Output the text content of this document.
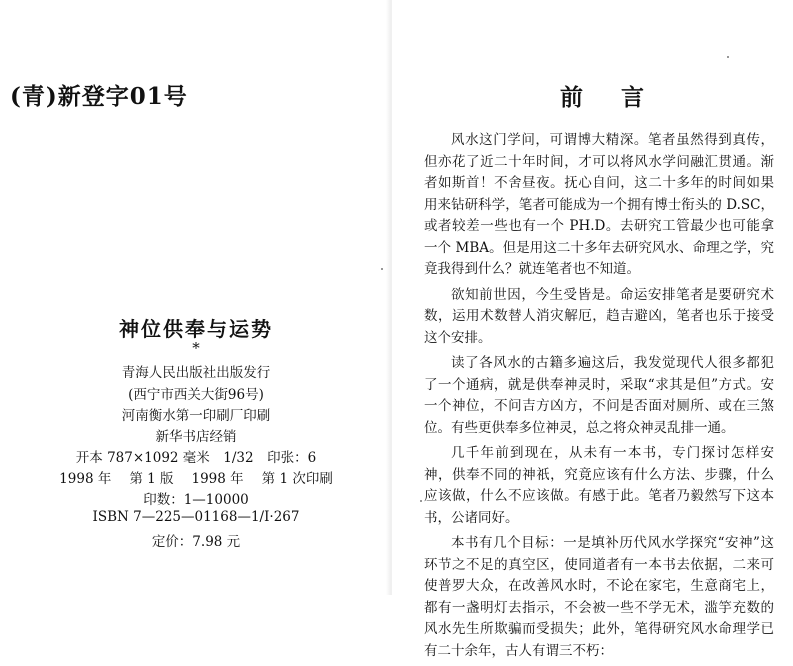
(青)新登字01号
神位供奉与运势
*
青海人民出版社出版发行
(西宁市西关大街96号)
河南衡水第一印刷厂印刷
新华书店经销
开本 787×1092 毫米　1/32　印张：6
1998 年 第 1 版 1998 年 第 1 次印刷
印数：1—10000
ISBN 7—225—01168—1/I·267
定价：7.98 元
前言

风水这门学问，可谓博大精深。笔者虽然得到真传，但亦花了近二十年时间，才可以将风水学问融汇贯通。渐者如斯首！不舍昼夜。抚心自问，这二十多年的时间如果用来钻研科学，笔者可能成为一个拥有博士衔头的 D.SC，或者较差一些也有一个 PH.D。去研究工管最少也可能拿一个 MBA。但是用这二十多年去研究风水、命理之学，究竟我得到什么？就连笔者也不知道。

欲知前世因，今生受皆是。命运安排笔者是要研究术数，运用术数替人消灾解厄，趋吉避凶，笔者也乐于接受这个安排。

读了各风水的古籍多遍这后，我发觉现代人很多都犯了一个通病，就是供奉神灵时，采取“求其是但”方式。安一个神位，不问吉方凶方，不问是否面对厕所、或在三煞位。有些更供奉多位神灵，总之将众神灵乱排一通。

几千年前到现在，从未有一本书，专门探讨怎样安神，供奉不同的神祇，究竟应该有什么方法、步骤，什么应该做，什么不应该做。有感于此。笔者乃毅然写下这本书，公诸同好。

本书有几个目标：一是填补历代风水学探究“安神”这环节之不足的真空区，使同道者有一本书去依据，二来可使普罗大众，在改善风水时，不论在家宅，生意商宅上，都有一盏明灯去指示，不会被一些不学无术，滥竽充数的风水先生所欺骗而受损失；此外，笔得研究风水命理学已有二十余年，古人有谓三不朽：
